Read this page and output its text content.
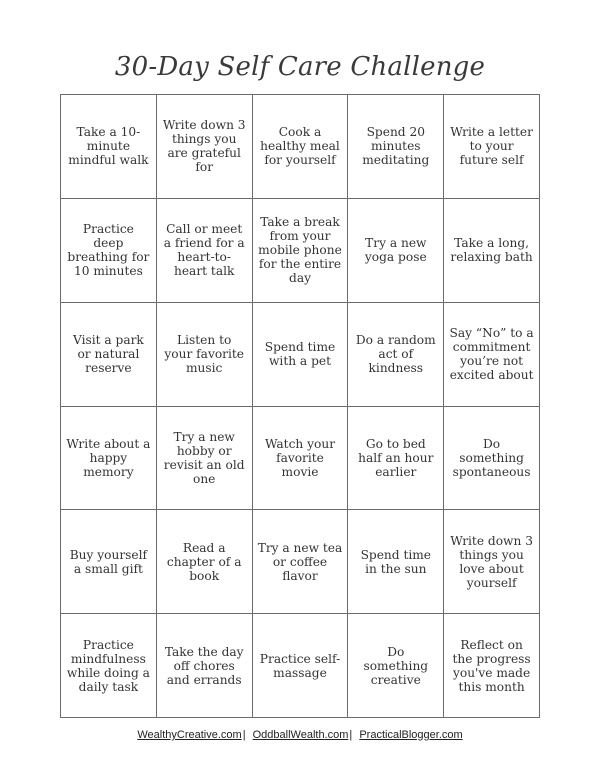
30-Day Self Care Challenge
Take a 10-minute mindful walk
Write down 3 things you are grateful for
Cook a healthy meal for yourself
Spend 20 minutes meditating
Write a letter to your future self
Practice deep breathing for 10 minutes
Call or meet a friend for a heart-to-heart talk
Take a break from your mobile phone for the entire day
Try a new yoga pose
Take a long, relaxing bath
Visit a park or natural reserve
Listen to your favorite music
Spend time with a pet
Do a random act of kindness
Say “No” to a commitment you’re not excited about
Write about a happy memory
Try a new hobby or revisit an old one
Watch your favorite movie
Go to bed half an hour earlier
Do something spontaneous
Buy yourself a small gift
Read a chapter of a book
Try a new tea or coffee flavor
Spend time in the sun
Write down 3 things you love about yourself
Practice mindfulness while doing a daily task
Take the day off chores and errands
Practice self-massage
Do something creative
Reflect on the progress you've made this month
WealthyCreative.com| OddballWealth.com| PracticalBlogger.com
